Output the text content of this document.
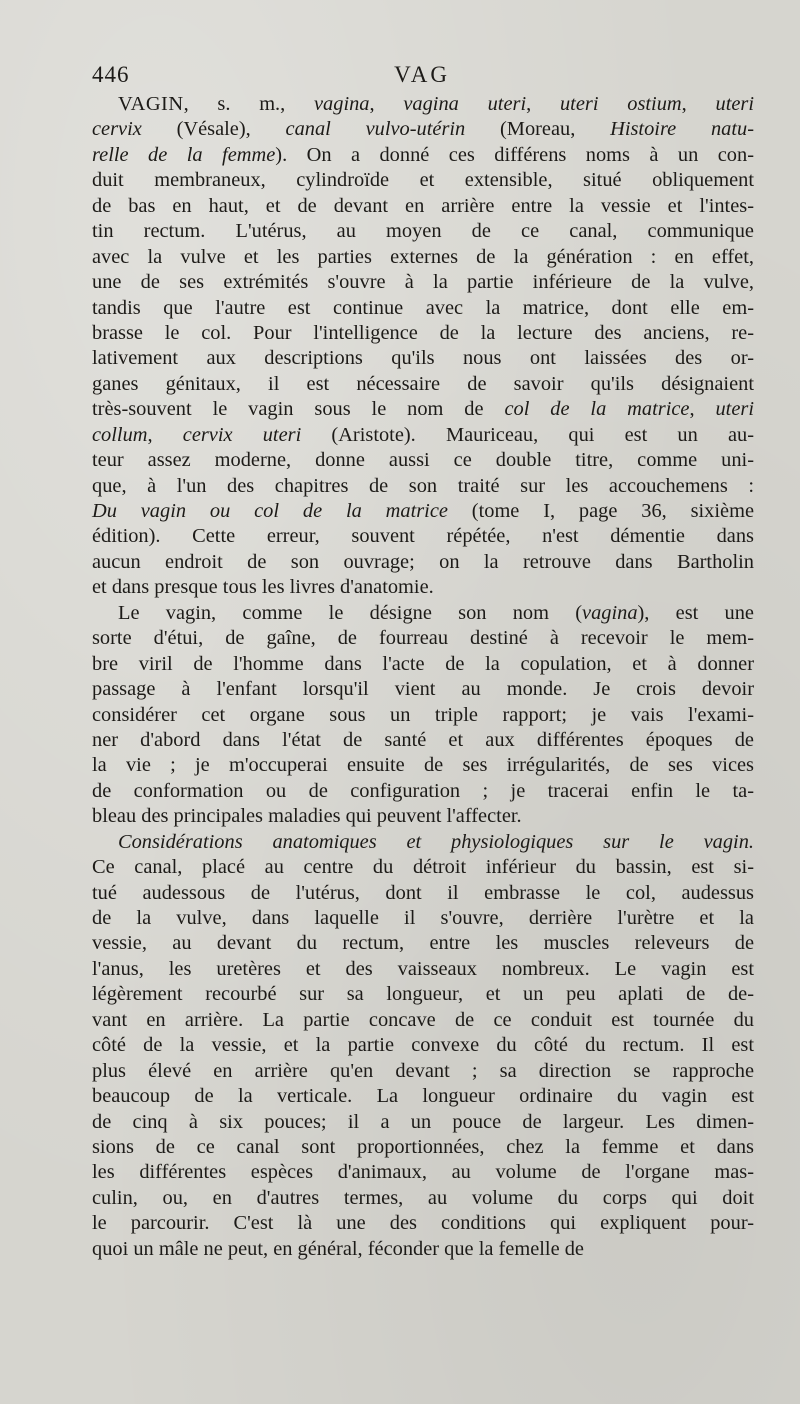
446	VAG
VAGIN, s. m., vagina, vagina uteri, uteri ostium, uteri
cervix (Vésale), canal vulvo-utérin (Moreau, Histoire natu-
relle de la femme). On a donné ces différens noms à un con-
duit membraneux, cylindroïde et extensible, situé obliquement
de bas en haut, et de devant en arrière entre la vessie et l'intes-
tin rectum. L'utérus, au moyen de ce canal, communique
avec la vulve et les parties externes de la génération : en effet,
une de ses extrémités s'ouvre à la partie inférieure de la vulve,
tandis que l'autre est continue avec la matrice, dont elle em-
brasse le col. Pour l'intelligence de la lecture des anciens, re-
lativement aux descriptions qu'ils nous ont laissées des or-
ganes génitaux, il est nécessaire de savoir qu'ils désignaient
très-souvent le vagin sous le nom de col de la matrice, uteri
collum, cervix uteri (Aristote). Mauriceau, qui est un au-
teur assez moderne, donne aussi ce double titre, comme uni-
que, à l'un des chapitres de son traité sur les accouchemens :
Du vagin ou col de la matrice (tome I, page 36, sixième
édition). Cette erreur, souvent répétée, n'est démentie dans
aucun endroit de son ouvrage; on la retrouve dans Bartholin
et dans presque tous les livres d'anatomie.
Le vagin, comme le désigne son nom (vagina), est une
sorte d'étui, de gaîne, de fourreau destiné à recevoir le mem-
bre viril de l'homme dans l'acte de la copulation, et à donner
passage à l'enfant lorsqu'il vient au monde. Je crois devoir
considérer cet organe sous un triple rapport; je vais l'exami-
ner d'abord dans l'état de santé et aux différentes époques de
la vie ; je m'occuperai ensuite de ses irrégularités, de ses vices
de conformation ou de configuration ; je tracerai enfin le ta-
bleau des principales maladies qui peuvent l'affecter.
Considérations anatomiques et physiologiques sur le vagin.
Ce canal, placé au centre du détroit inférieur du bassin, est si-
tué audessous de l'utérus, dont il embrasse le col, audessus
de la vulve, dans laquelle il s'ouvre, derrière l'urètre et la
vessie, au devant du rectum, entre les muscles releveurs de
l'anus, les uretères et des vaisseaux nombreux. Le vagin est
légèrement recourbé sur sa longueur, et un peu aplati de de-
vant en arrière. La partie concave de ce conduit est tournée du
côté de la vessie, et la partie convexe du côté du rectum. Il est
plus élevé en arrière qu'en devant ; sa direction se rapproche
beaucoup de la verticale. La longueur ordinaire du vagin est
de cinq à six pouces; il a un pouce de largeur. Les dimen-
sions de ce canal sont proportionnées, chez la femme et dans
les différentes espèces d'animaux, au volume de l'organe mas-
culin, ou, en d'autres termes, au volume du corps qui doit
le parcourir. C'est là une des conditions qui expliquent pour-
quoi un mâle ne peut, en général, féconder que la femelle de
